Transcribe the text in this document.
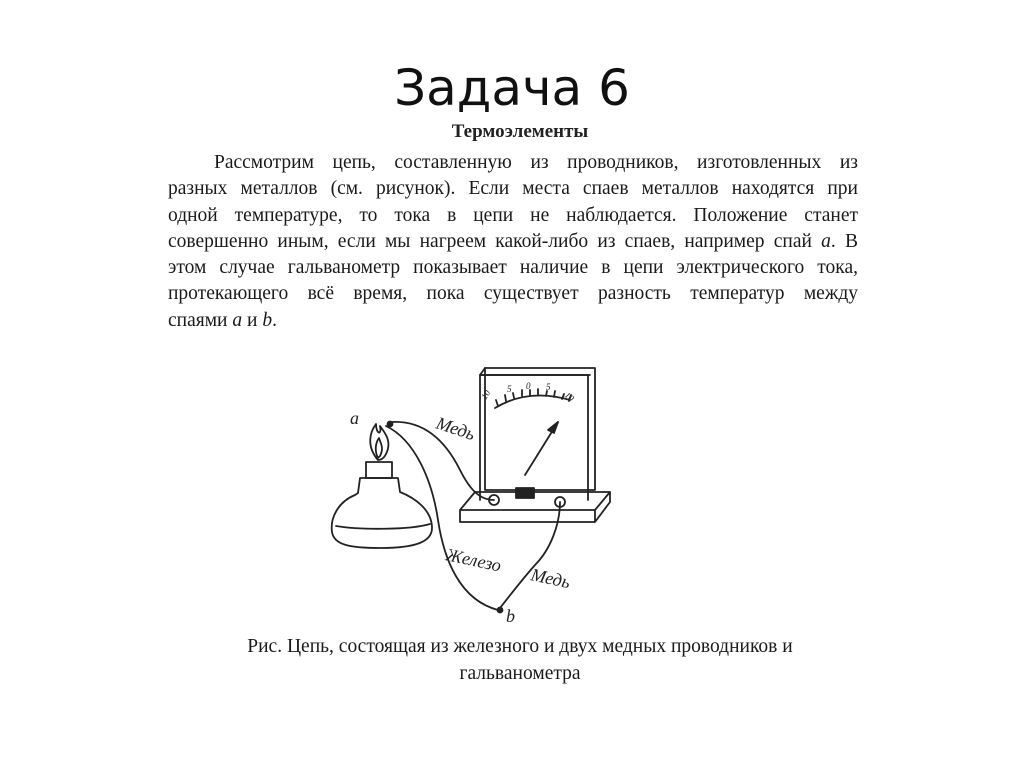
Задача 6
Термоэлементы
Рассмотрим цепь, составленную из проводников, изготовленных из
разных металлов (см. рисунок). Если места спаев металлов находятся при
одной температуре, то тока в цепи не наблюдается. Положение станет
совершенно иным, если мы нагреем какой-либо из спаев, например спай a. В
этом случае гальванометр показывает наличие в цепи электрического тока,
протекающего всё время, пока существует разность температур между
спаями a и b.
a
b
Медь
Железо
Медь
10 5 0 5
10
Рис. Цепь, состоящая из железного и двух медных проводников и
гальванометра
